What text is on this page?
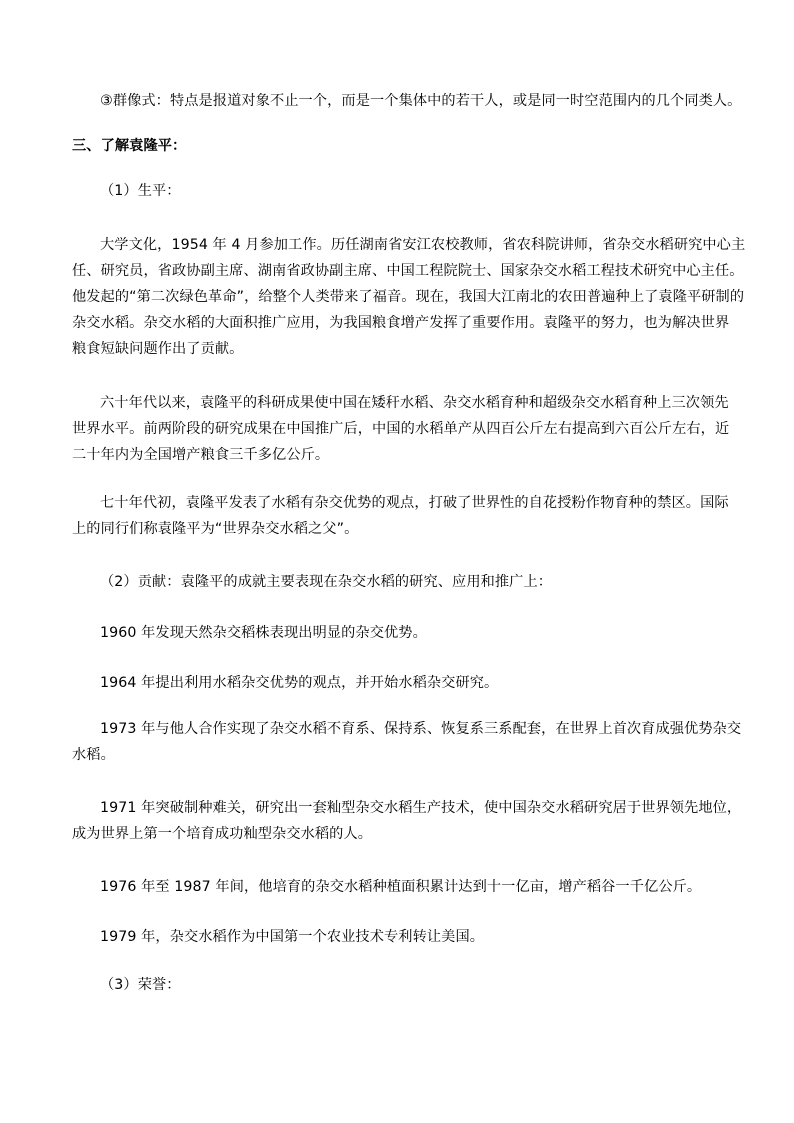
③群像式：特点是报道对象不止一个，而是一个集体中的若干人，或是同一时空范围内的几个同类人。

三、了解袁隆平：

（1）生平：

大学文化，1954 年 4 月参加工作。历任湖南省安江农校教师，省农科院讲师，省杂交水稻研究中心主
任、研究员，省政协副主席、湖南省政协副主席、中国工程院院士、国家杂交水稻工程技术研究中心主任。
他发起的“第二次绿色革命”，给整个人类带来了福音。现在，我国大江南北的农田普遍种上了袁隆平研制的
杂交水稻。杂交水稻的大面积推广应用，为我国粮食增产发挥了重要作用。袁隆平的努力，也为解决世界
粮食短缺问题作出了贡献。
六十年代以来，袁隆平的科研成果使中国在矮秆水稻、杂交水稻育种和超级杂交水稻育种上三次领先
世界水平。前两阶段的研究成果在中国推广后，中国的水稻单产从四百公斤左右提高到六百公斤左右，近
二十年内为全国增产粮食三千多亿公斤。
七十年代初，袁隆平发表了水稻有杂交优势的观点，打破了世界性的自花授粉作物育种的禁区。国际
上的同行们称袁隆平为“世界杂交水稻之父”。

（2）贡献：袁隆平的成就主要表现在杂交水稻的研究、应用和推广上：

1960 年发现天然杂交稻株表现出明显的杂交优势。

1964 年提出利用水稻杂交优势的观点，并开始水稻杂交研究。

1973 年与他人合作实现了杂交水稻不育系、保持系、恢复系三系配套，在世界上首次育成强优势杂交
水稻。
1971 年突破制种难关，研究出一套籼型杂交水稻生产技术，使中国杂交水稻研究居于世界领先地位，
成为世界上第一个培育成功籼型杂交水稻的人。

1976 年至 1987 年间，他培育的杂交水稻种植面积累计达到十一亿亩，增产稻谷一千亿公斤。

1979 年，杂交水稻作为中国第一个农业技术专利转让美国。

（3）荣誉：
